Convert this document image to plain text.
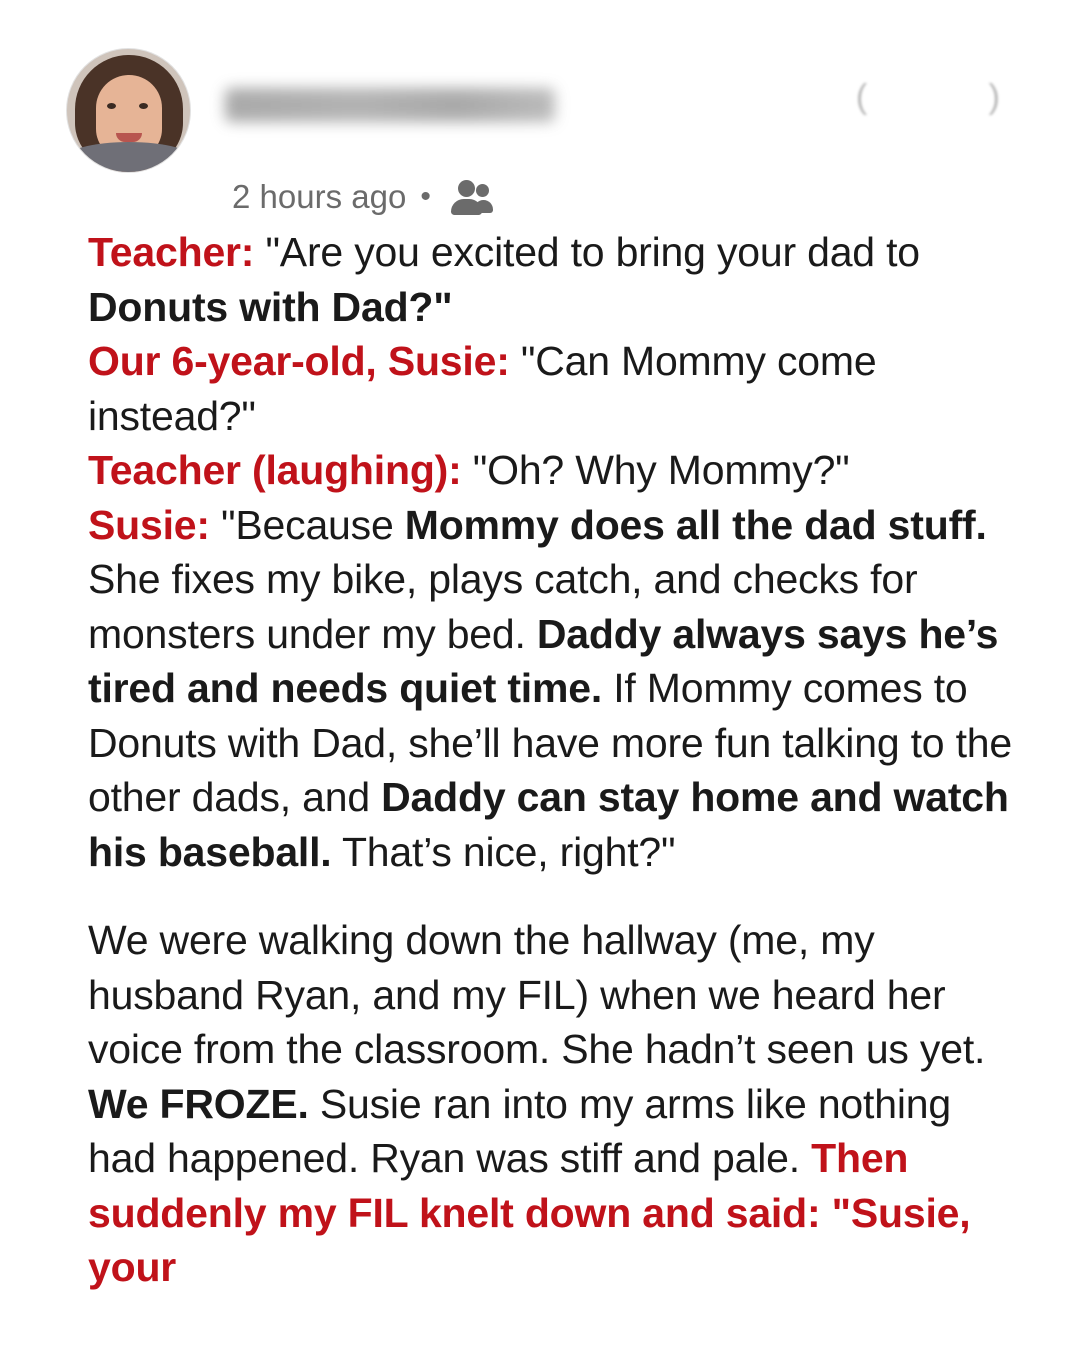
2 hours ago •
( )

Teacher: "Are you excited to bring your dad to Donuts with Dad?"
Our 6-year-old, Susie: "Can Mommy come instead?"
Teacher (laughing): "Oh? Why Mommy?"
Susie: "Because Mommy does all the dad stuff. She fixes my bike, plays catch, and checks for monsters under my bed. Daddy always says he’s tired and needs quiet time. If Mommy comes to Donuts with Dad, she’ll have more fun talking to the other dads, and Daddy can stay home and watch his baseball. That’s nice, right?"

We were walking down the hallway (me, my husband Ryan, and my FIL) when we heard her voice from the classroom. She hadn’t seen us yet. We FROZE. Susie ran into my arms like nothing had happened. Ryan was stiff and pale. Then suddenly my FIL knelt down and said: "Susie, your
